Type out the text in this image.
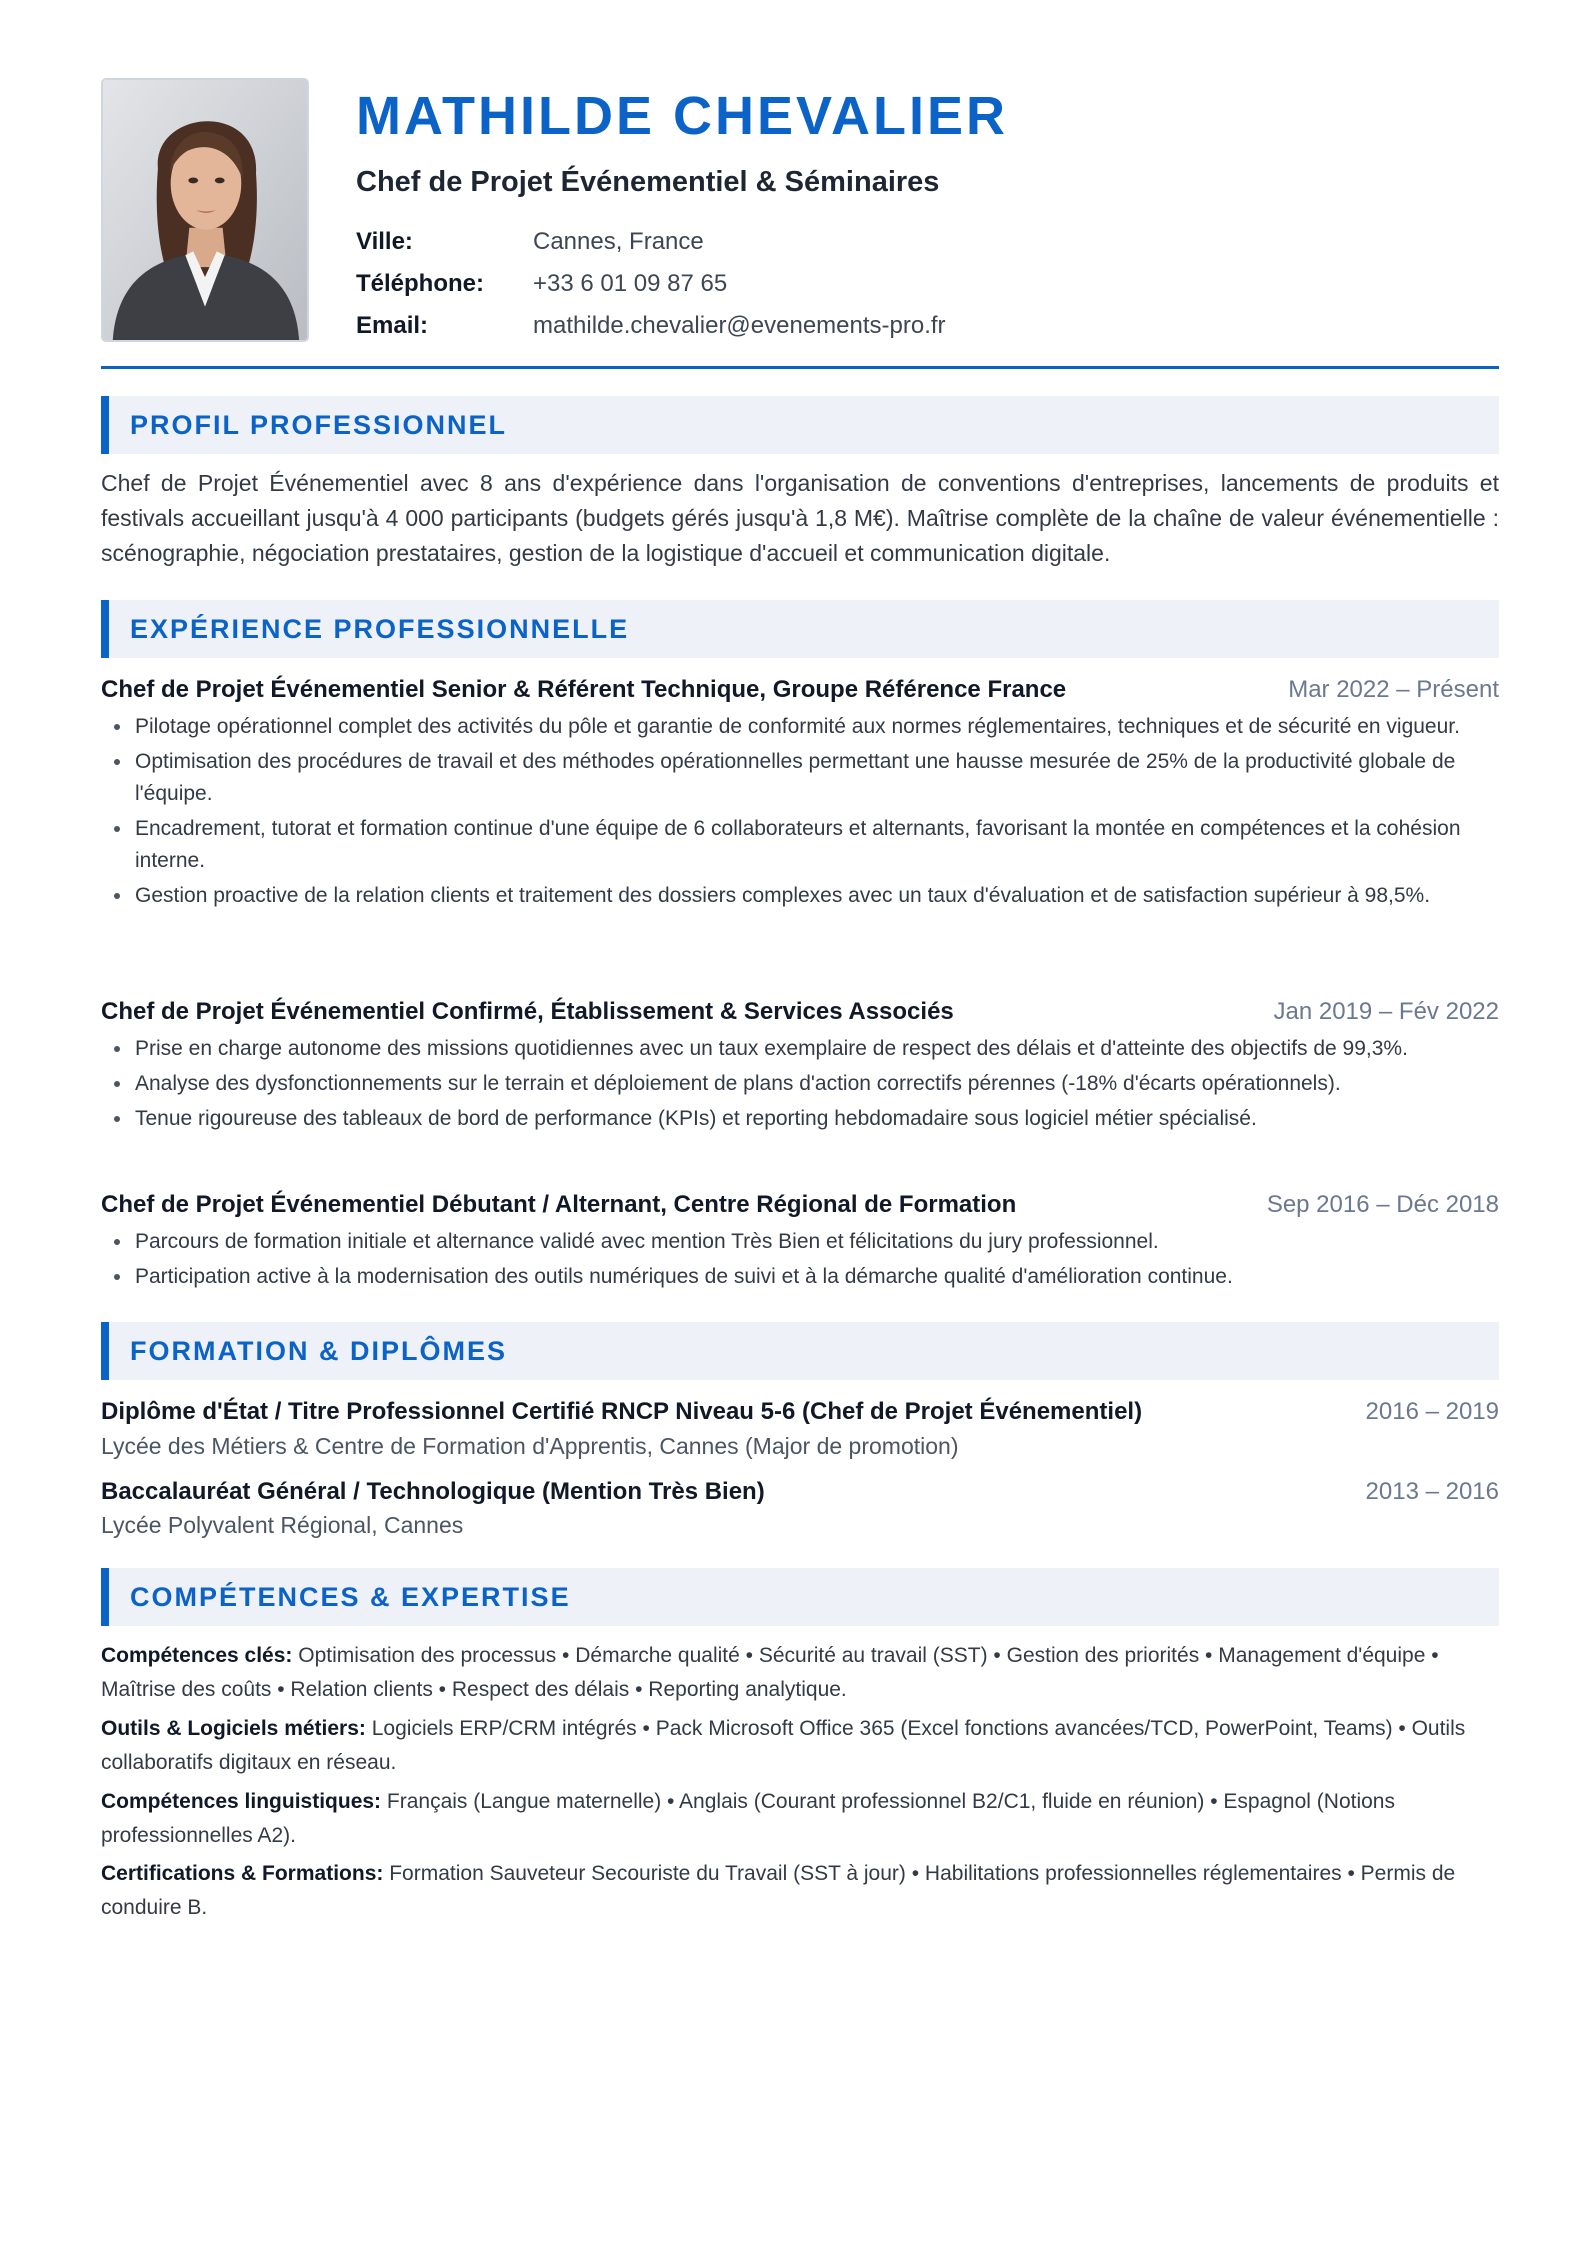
MATHILDE CHEVALIER
Chef de Projet Événementiel & Séminaires
Ville:	Cannes, France
Téléphone: +33 6 01 09 87 65
Email:	mathilde.chevalier@evenements-pro.fr
PROFIL PROFESSIONNEL
Chef de Projet Événementiel avec 8 ans d'expérience dans l'organisation de conventions d'entreprises, lancements de produits et festivals accueillant jusqu'à 4 000 participants (budgets gérés jusqu'à 1,8 M€). Maîtrise complète de la chaîne de valeur événementielle : scénographie, négociation prestataires, gestion de la logistique d'accueil et communication digitale.
EXPÉRIENCE PROFESSIONNELLE
Chef de Projet Événementiel Senior & Référent Technique, Groupe Référence France	Mar 2022 – Présent
Pilotage opérationnel complet des activités du pôle et garantie de conformité aux normes réglementaires, techniques et de sécurité en vigueur.
Optimisation des procédures de travail et des méthodes opérationnelles permettant une hausse mesurée de 25% de la productivité globale de l'équipe.
Encadrement, tutorat et formation continue d'une équipe de 6 collaborateurs et alternants, favorisant la montée en compétences et la cohésion interne.
Gestion proactive de la relation clients et traitement des dossiers complexes avec un taux d'évaluation et de satisfaction supérieur à 98,5%.
Chef de Projet Événementiel Confirmé, Établissement & Services Associés	Jan 2019 – Fév 2022
Prise en charge autonome des missions quotidiennes avec un taux exemplaire de respect des délais et d'atteinte des objectifs de 99,3%.
Analyse des dysfonctionnements sur le terrain et déploiement de plans d'action correctifs pérennes (-18% d'écarts opérationnels).
Tenue rigoureuse des tableaux de bord de performance (KPIs) et reporting hebdomadaire sous logiciel métier spécialisé.
Chef de Projet Événementiel Débutant / Alternant, Centre Régional de Formation	Sep 2016 – Déc 2018
Parcours de formation initiale et alternance validé avec mention Très Bien et félicitations du jury professionnel.
Participation active à la modernisation des outils numériques de suivi et à la démarche qualité d'amélioration continue.
FORMATION & DIPLÔMES
Diplôme d'État / Titre Professionnel Certifié RNCP Niveau 5-6 (Chef de Projet Événementiel)	2016 – 2019
Lycée des Métiers & Centre de Formation d'Apprentis, Cannes (Major de promotion)
Baccalauréat Général / Technologique (Mention Très Bien)	2013 – 2016
Lycée Polyvalent Régional, Cannes
COMPÉTENCES & EXPERTISE
Compétences clés: Optimisation des processus • Démarche qualité • Sécurité au travail (SST) • Gestion des priorités • Management d'équipe • Maîtrise des coûts • Relation clients • Respect des délais • Reporting analytique.
Outils & Logiciels métiers: Logiciels ERP/CRM intégrés • Pack Microsoft Office 365 (Excel fonctions avancées/TCD, PowerPoint, Teams) • Outils collaboratifs digitaux en réseau.
Compétences linguistiques: Français (Langue maternelle) • Anglais (Courant professionnel B2/C1, fluide en réunion) • Espagnol (Notions professionnelles A2).
Certifications & Formations: Formation Sauveteur Secouriste du Travail (SST à jour) • Habilitations professionnelles réglementaires • Permis de conduire B.
